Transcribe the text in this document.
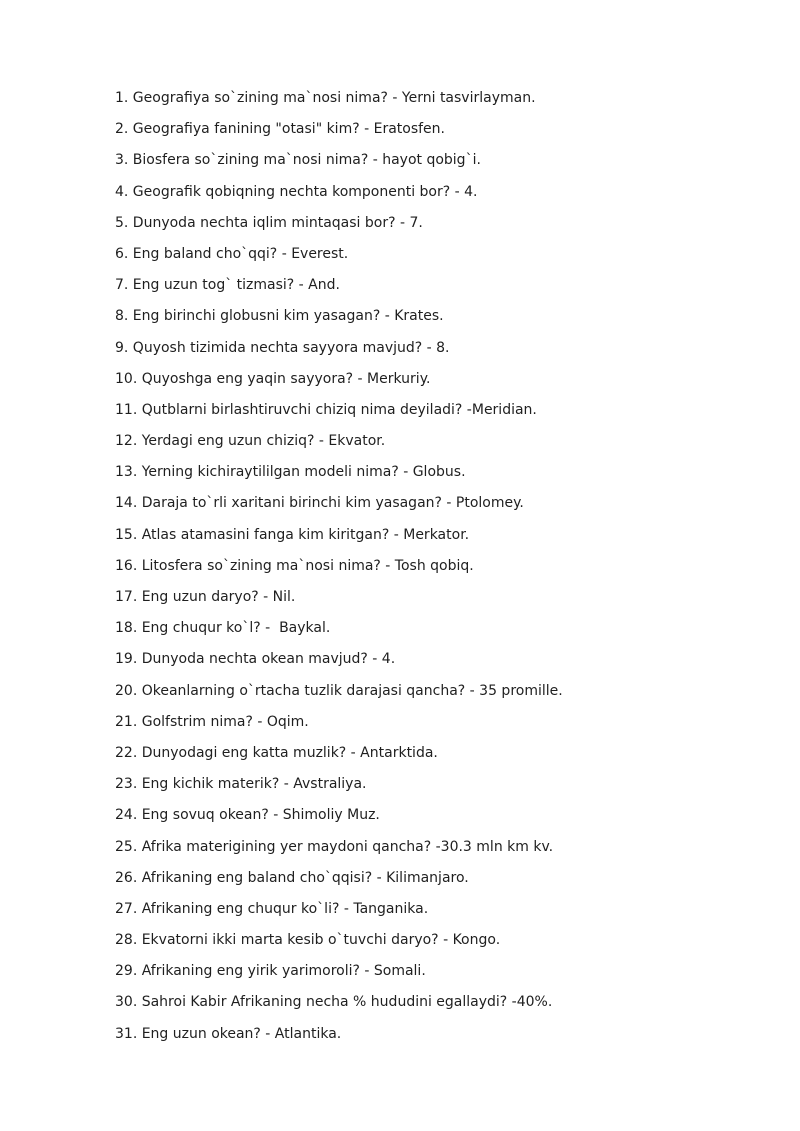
1. Geografiya so`zining ma`nosi nima? - Yerni tasvirlayman.
2. Geografiya fanining "otasi" kim? - Eratosfen.
3. Biosfera so`zining ma`nosi nima? - hayot qobig`i.
4. Geografik qobiqning nechta komponenti bor? - 4.
5. Dunyoda nechta iqlim mintaqasi bor? - 7.
6. Eng baland cho`qqi? - Everest.
7. Eng uzun tog` tizmasi? - And.
8. Eng birinchi globusni kim yasagan? - Krates.
9. Quyosh tizimida nechta sayyora mavjud? - 8.
10. Quyoshga eng yaqin sayyora? - Merkuriy.
11. Qutblarni birlashtiruvchi chiziq nima deyiladi? -Meridian.
12. Yerdagi eng uzun chiziq? - Ekvator.
13. Yerning kichiraytililgan modeli nima? - Globus.
14. Daraja to`rli xaritani birinchi kim yasagan? - Ptolomey.
15. Atlas atamasini fanga kim kiritgan? - Merkator.
16. Litosfera so`zining ma`nosi nima? - Tosh qobiq.
17. Eng uzun daryo? - Nil.
18. Eng chuqur ko`l? -  Baykal.
19. Dunyoda nechta okean mavjud? - 4.
20. Okeanlarning o`rtacha tuzlik darajasi qancha? - 35 promille.
21. Golfstrim nima? - Oqim.
22. Dunyodagi eng katta muzlik? - Antarktida.
23. Eng kichik materik? - Avstraliya.
24. Eng sovuq okean? - Shimoliy Muz.
25. Afrika materigining yer maydoni qancha? -30.3 mln km kv.
26. Afrikaning eng baland cho`qqisi? - Kilimanjaro.
27. Afrikaning eng chuqur ko`li? - Tanganika.
28. Ekvatorni ikki marta kesib o`tuvchi daryo? - Kongo.
29. Afrikaning eng yirik yarimoroli? - Somali.
30. Sahroi Kabir Afrikaning necha % hududini egallaydi? -40%.
31. Eng uzun okean? - Atlantika.
